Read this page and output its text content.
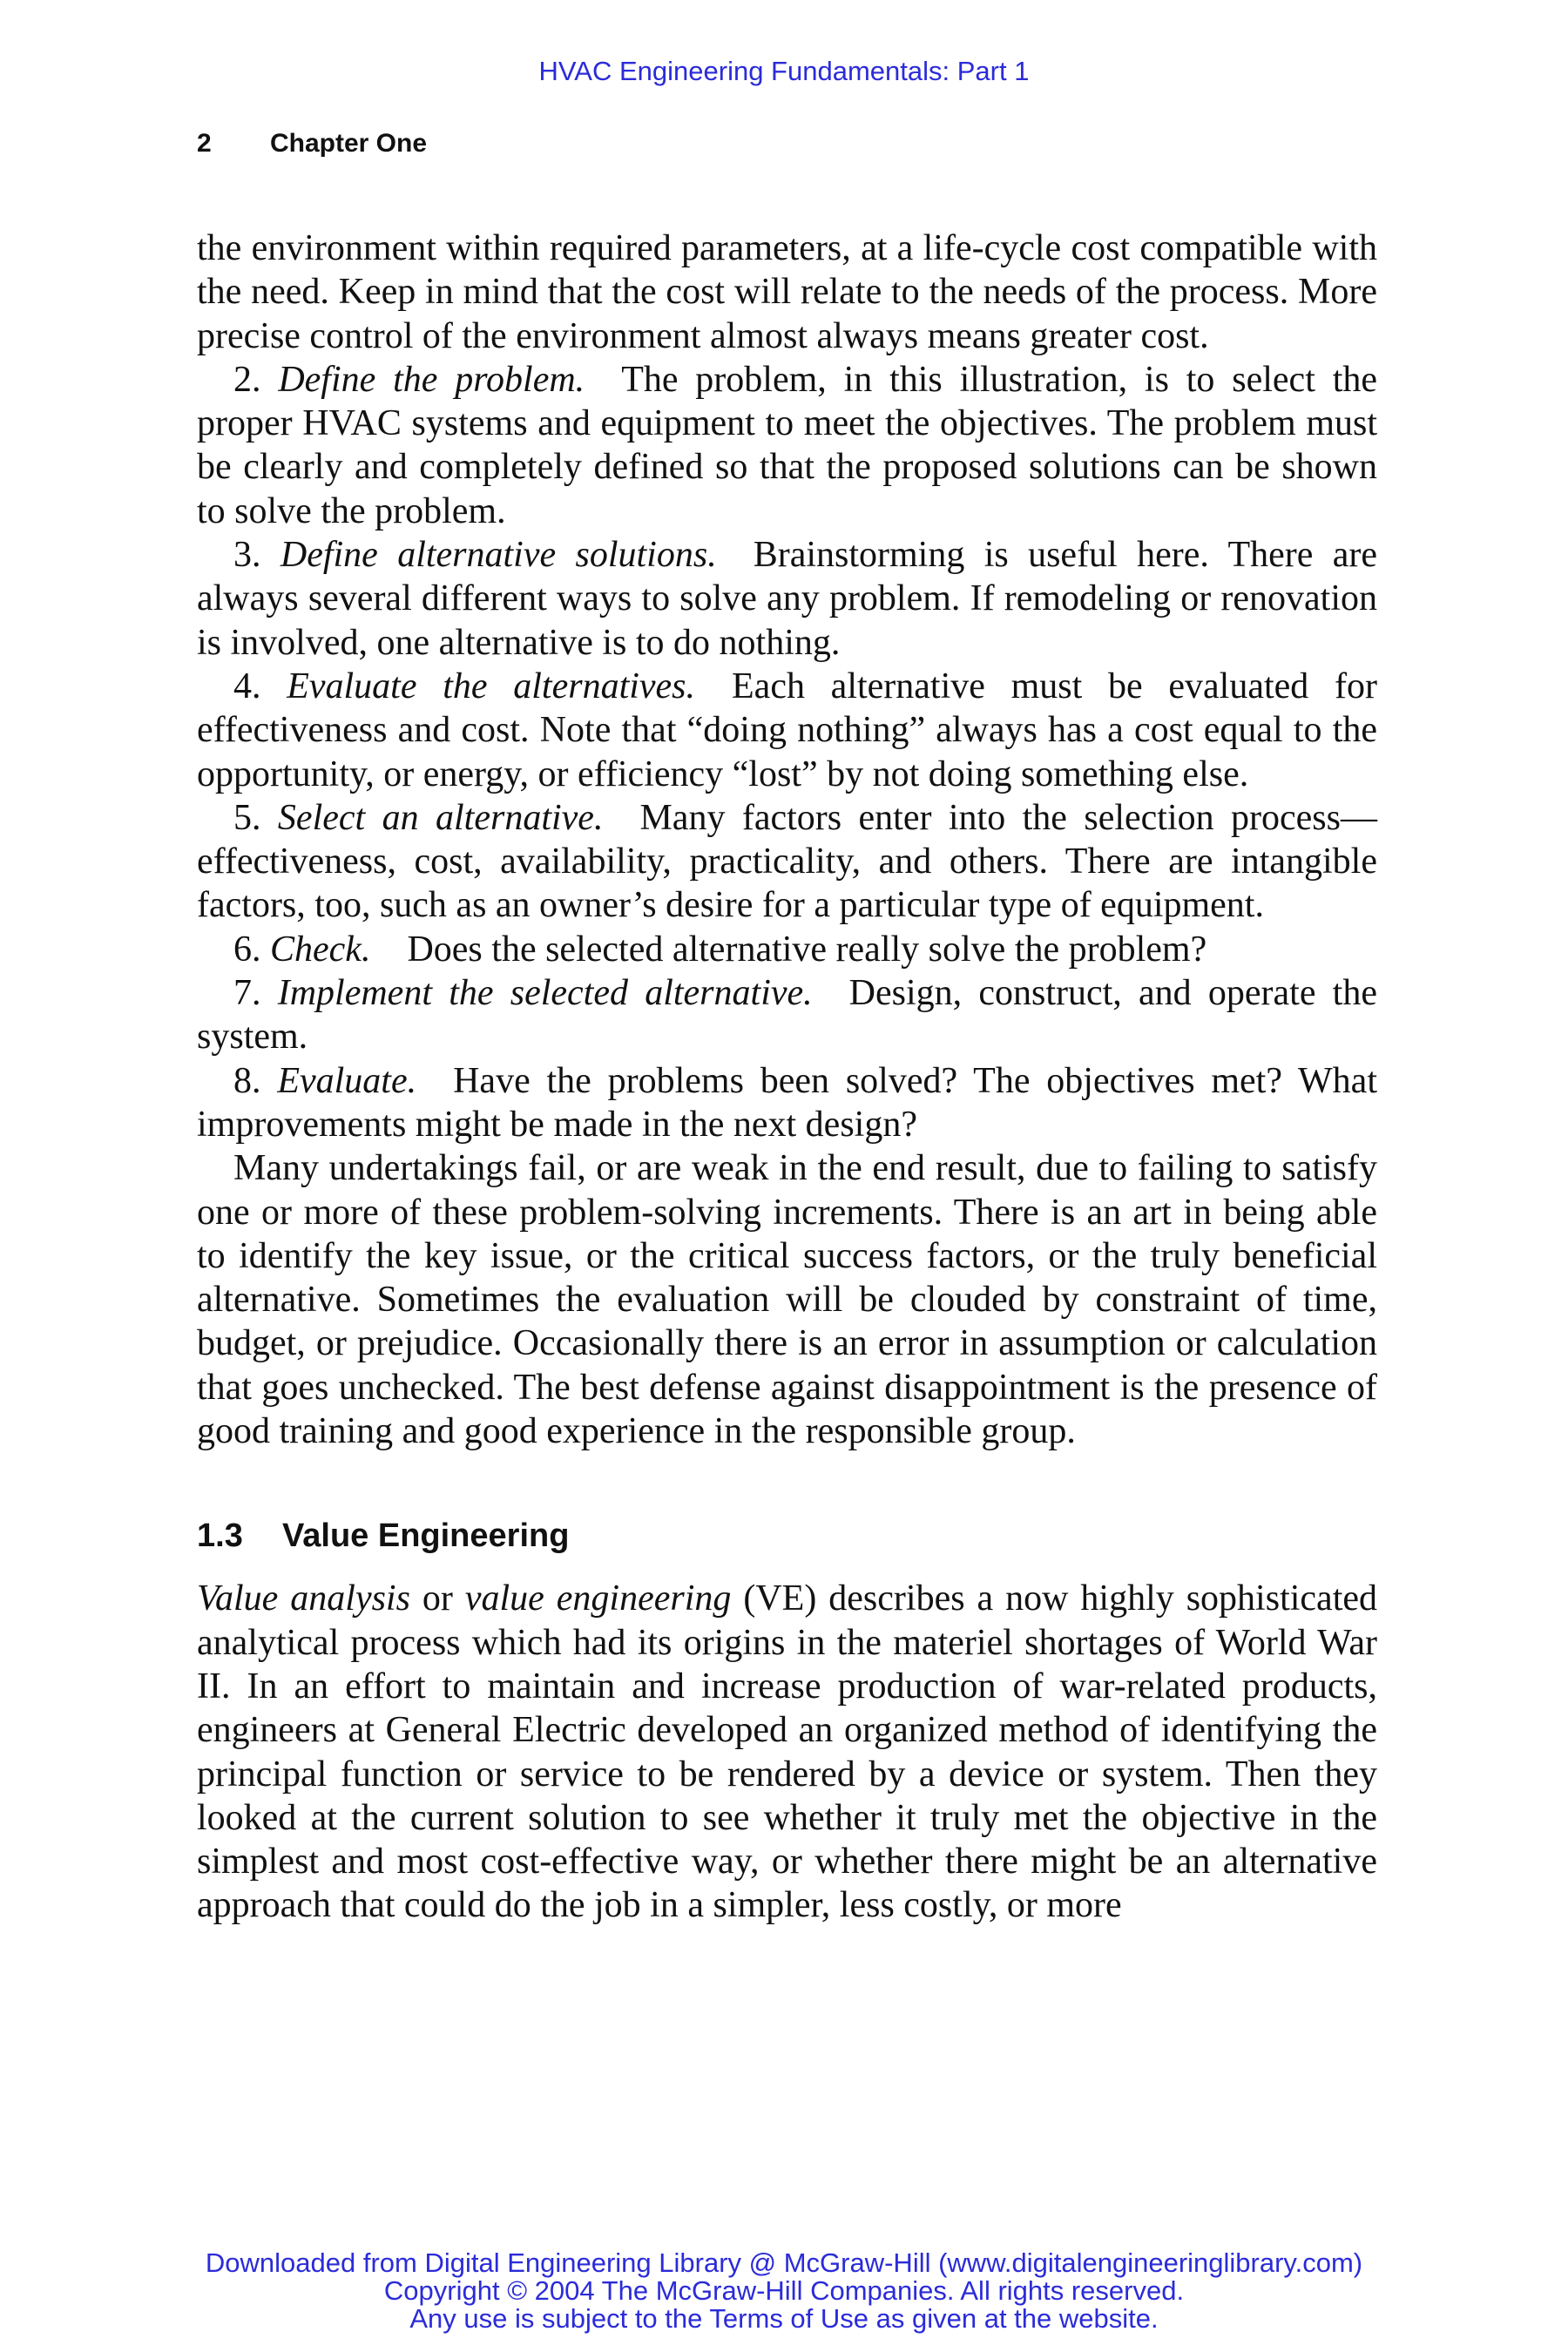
HVAC Engineering Fundamentals: Part 1
2 Chapter One

the environment within required parameters, at a life-cycle cost compatible with the need. Keep in mind that the cost will relate to the needs of the process. More precise control of the environment almost always means greater cost.

2. Define the problem. The problem, in this illustration, is to select the proper HVAC systems and equipment to meet the objectives. The problem must be clearly and completely defined so that the proposed solutions can be shown to solve the problem.

3. Define alternative solutions. Brainstorming is useful here. There are always several different ways to solve any problem. If remodeling or renovation is involved, one alternative is to do nothing.

4. Evaluate the alternatives. Each alternative must be evaluated for effectiveness and cost. Note that “doing nothing” always has a cost equal to the opportunity, or energy, or efficiency “lost” by not doing something else.

5. Select an alternative. Many factors enter into the selection process—effectiveness, cost, availability, practicality, and others. There are intangible factors, too, such as an owner’s desire for a particular type of equipment.

6. Check. Does the selected alternative really solve the problem?

7. Implement the selected alternative. Design, construct, and operate the system.

8. Evaluate. Have the problems been solved? The objectives met? What improvements might be made in the next design?

Many undertakings fail, or are weak in the end result, due to failing to satisfy one or more of these problem-solving increments. There is an art in being able to identify the key issue, or the critical success factors, or the truly beneficial alternative. Sometimes the evaluation will be clouded by constraint of time, budget, or prejudice. Occasionally there is an error in assumption or calculation that goes unchecked. The best defense against disappointment is the presence of good training and good experience in the responsible group.

1.3 Value Engineering

Value analysis or value engineering (VE) describes a now highly sophisticated analytical process which had its origins in the materiel shortages of World War II. In an effort to maintain and increase production of war-related products, engineers at General Electric developed an organized method of identifying the principal function or service to be rendered by a device or system. Then they looked at the current solution to see whether it truly met the objective in the simplest and most cost-effective way, or whether there might be an alternative approach that could do the job in a simpler, less costly, or more

Downloaded from Digital Engineering Library @ McGraw-Hill (www.digitalengineeringlibrary.com)
Copyright © 2004 The McGraw-Hill Companies. All rights reserved.
Any use is subject to the Terms of Use as given at the website.
